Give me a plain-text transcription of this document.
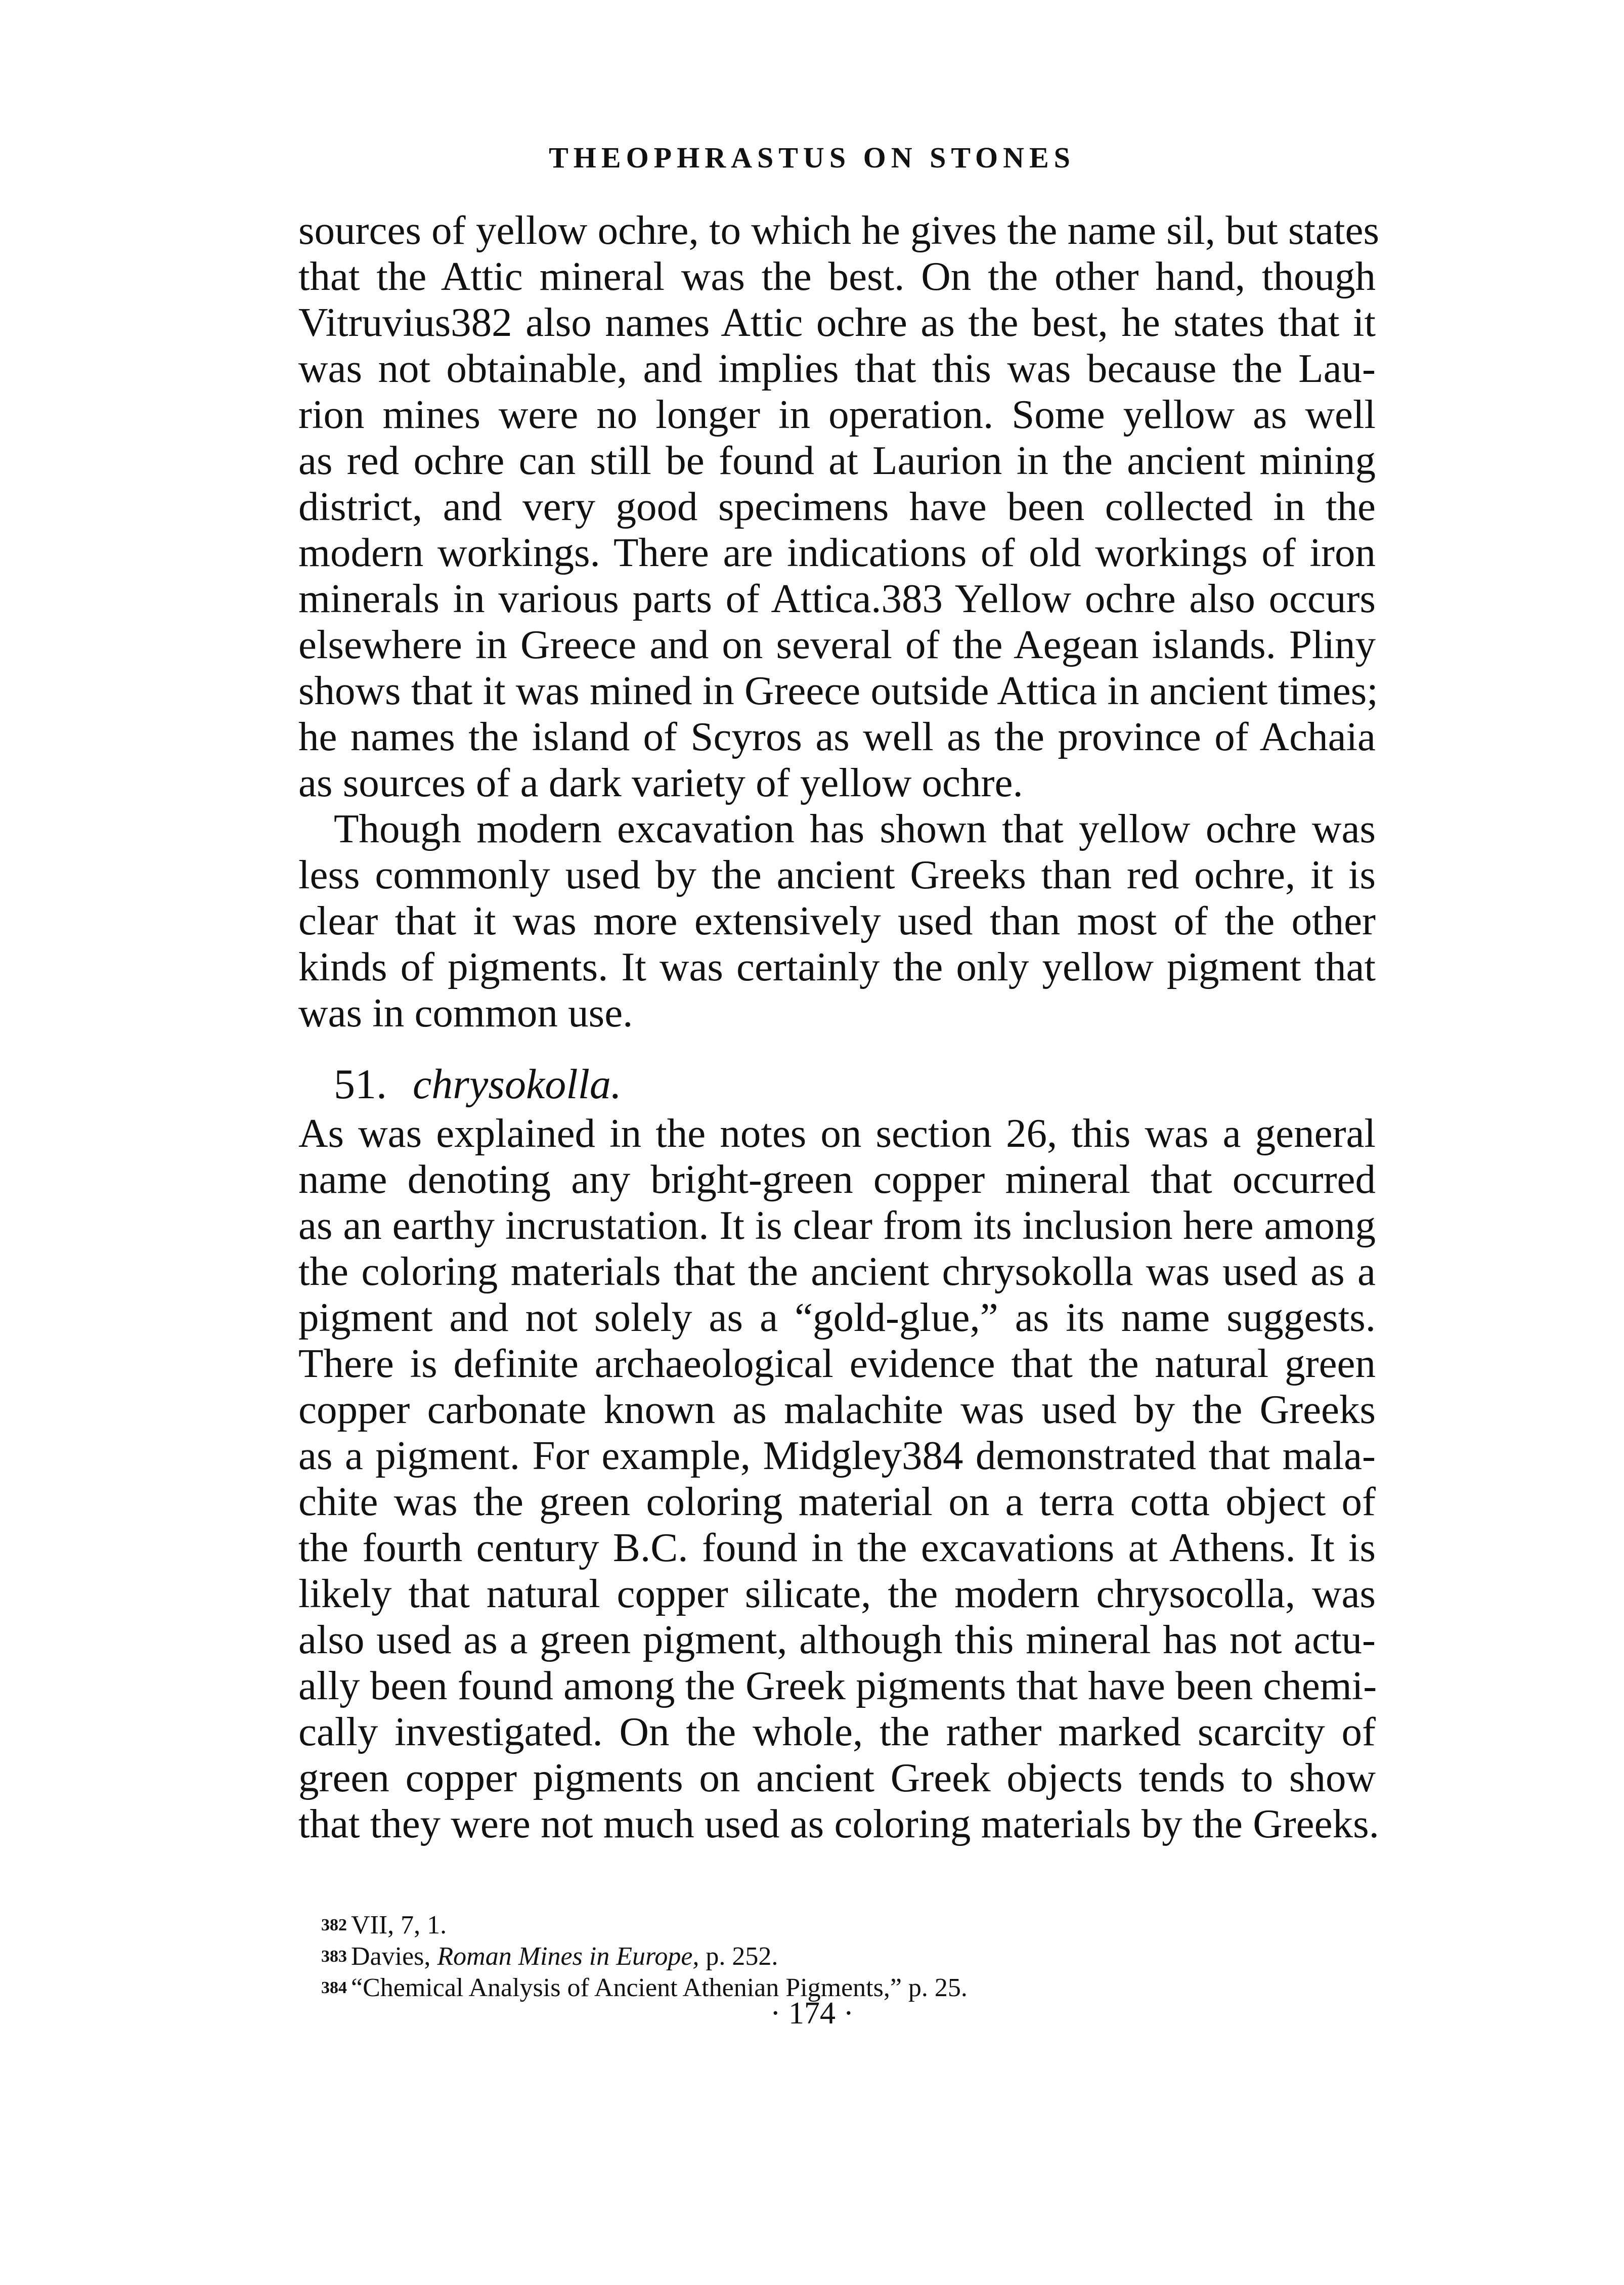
THEOPHRASTUS ON STONES
sources of yellow ochre, to which he gives the name sil, but states
that the Attic mineral was the best. On the other hand, though
Vitruvius382 also names Attic ochre as the best, he states that it
was not obtainable, and implies that this was because the Lau-
rion mines were no longer in operation. Some yellow as well
as red ochre can still be found at Laurion in the ancient mining
district, and very good specimens have been collected in the
modern workings. There are indications of old workings of iron
minerals in various parts of Attica.383 Yellow ochre also occurs
elsewhere in Greece and on several of the Aegean islands. Pliny
shows that it was mined in Greece outside Attica in ancient times;
he names the island of Scyros as well as the province of Achaia
as sources of a dark variety of yellow ochre.
Though modern excavation has shown that yellow ochre was
less commonly used by the ancient Greeks than red ochre, it is
clear that it was more extensively used than most of the other
kinds of pigments. It was certainly the only yellow pigment that
was in common use.
51. chrysokolla.
As was explained in the notes on section 26, this was a general
name denoting any bright-green copper mineral that occurred
as an earthy incrustation. It is clear from its inclusion here among
the coloring materials that the ancient chrysokolla was used as a
pigment and not solely as a “gold-glue,” as its name suggests.
There is definite archaeological evidence that the natural green
copper carbonate known as malachite was used by the Greeks
as a pigment. For example, Midgley384 demonstrated that mala-
chite was the green coloring material on a terra cotta object of
the fourth century B.C. found in the excavations at Athens. It is
likely that natural copper silicate, the modern chrysocolla, was
also used as a green pigment, although this mineral has not actu-
ally been found among the Greek pigments that have been chemi-
cally investigated. On the whole, the rather marked scarcity of
green copper pigments on ancient Greek objects tends to show
that they were not much used as coloring materials by the Greeks.
382 VII, 7, 1.
383 Davies, Roman Mines in Europe, p. 252.
384 “Chemical Analysis of Ancient Athenian Pigments,” p. 25.
· 174 ·
